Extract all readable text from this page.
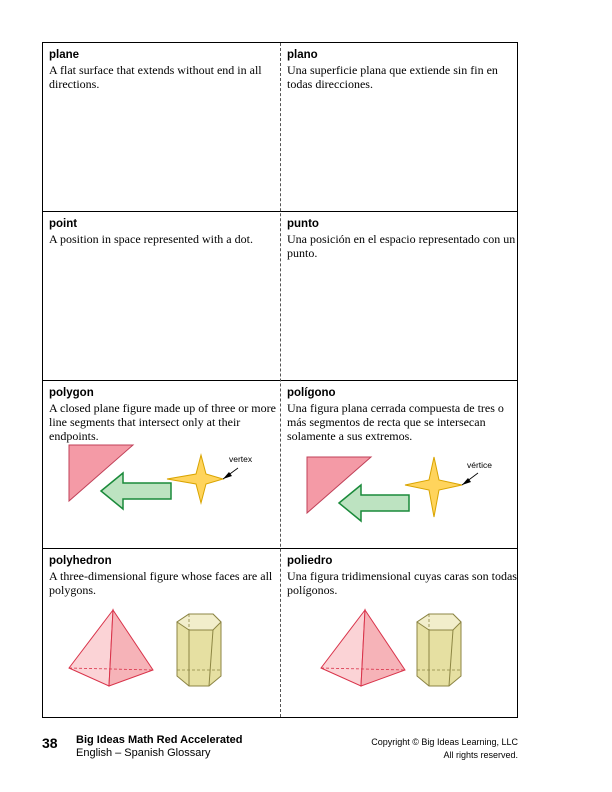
plane

A flat surface that extends without end in all directions.

plano

Una superficie plana que extiende sin fin en todas direcciones.

point

A position in space represented with a dot.

punto

Una posición en el espacio representado con un punto.

polygon

A closed plane figure made up of three or more line segments that intersect only at their endpoints.

polígono

Una figura plana cerrada compuesta de tres o más segmentos de recta que se intersecan solamente a sus extremos.

vertex
vértice

polyhedron

A three-dimensional figure whose faces are all polygons.

poliedro

Una figura tridimensional cuyas caras son todas polígonos.

38 Big Ideas Math Red Accelerated
English – Spanish Glossary
Copyright © Big Ideas Learning, LLC
All rights reserved.
